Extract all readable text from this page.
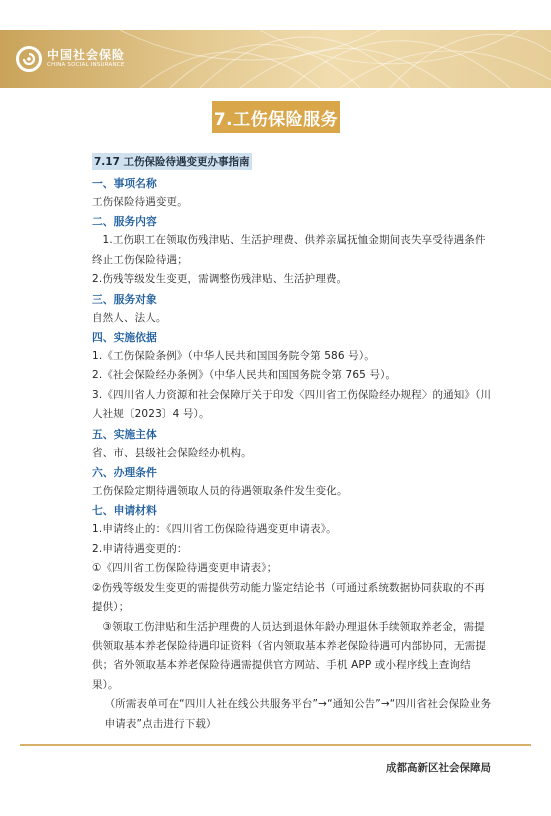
中国社会保险
CHINA SOCIAL INSURANCE
7.工伤保险服务
7.17 工伤保险待遇变更办事指南
一、事项名称
工伤保险待遇变更。
二、服务内容
1.工伤职工在领取伤残津贴、生活护理费、供养亲属抚恤金期间丧失享受待遇条件终止工伤保险待遇；
2.伤残等级发生变更，需调整伤残津贴、生活护理费。
三、服务对象
自然人、法人。
四、实施依据
1.《工伤保险条例》（中华人民共和国国务院令第 586 号）。
2.《社会保险经办条例》（中华人民共和国国务院令第 765 号）。
3.《四川省人力资源和社会保障厅关于印发〈四川省工伤保险经办规程〉的通知》（川人社规〔2023〕4 号）。
五、实施主体
省、市、县级社会保险经办机构。
六、办理条件
工伤保险定期待遇领取人员的待遇领取条件发生变化。
七、申请材料
1.申请终止的：《四川省工伤保险待遇变更申请表》。
2.申请待遇变更的：
①《四川省工伤保险待遇变更申请表》；
②伤残等级发生变更的需提供劳动能力鉴定结论书（可通过系统数据协同获取的不再提供）；
③领取工伤津贴和生活护理费的人员达到退休年龄办理退休手续领取养老金，需提供领取基本养老保险待遇印证资料（省内领取基本养老保险待遇可内部协同，无需提供；省外领取基本养老保险待遇需提供官方网站、手机 APP 或小程序线上查询结果）。
（所需表单可在“四川人社在线公共服务平台”→“通知公告”→“四川省社会保险业务申请表”点击进行下载）
成都高新区社会保障局
